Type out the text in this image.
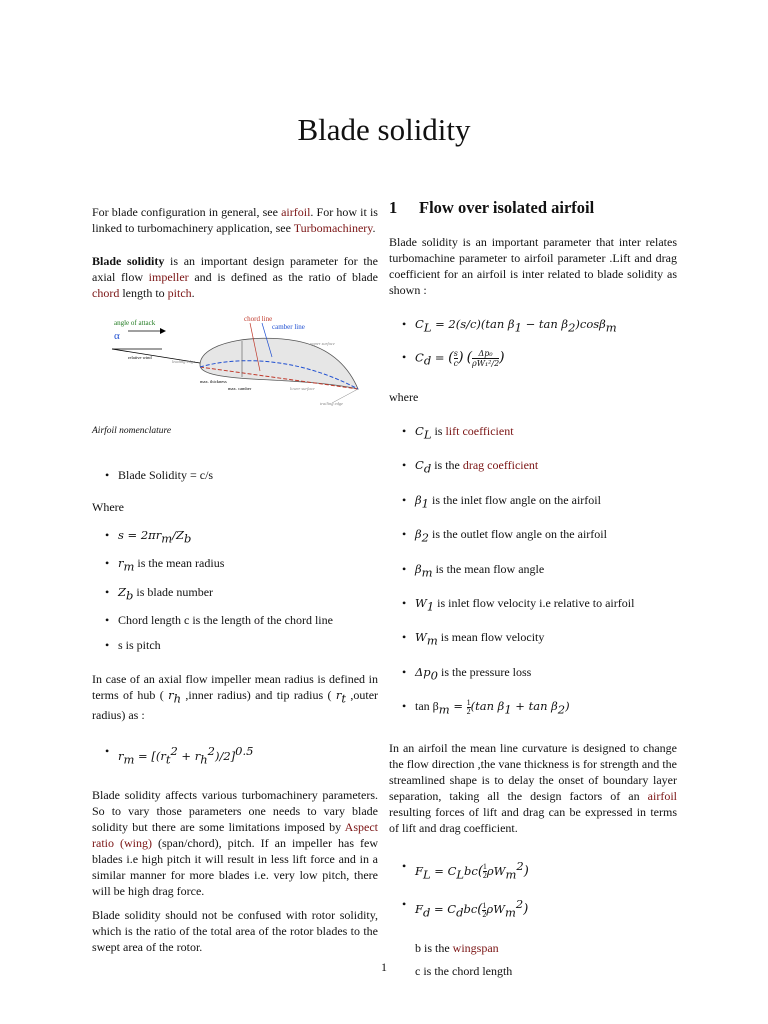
Blade solidity

For blade configuration in general, see airfoil. For how it is linked to turbomachinery application, see Turbomachinery.

Blade solidity is an important design parameter for the axial flow impeller and is defined as the ratio of blade chord length to pitch.

angle of attack
α
relative wind
leading edge
chord line
camber line
upper surface
max. thickness
max. camber	lower surface
trailing edge

Airfoil nomenclature

• Blade Solidity = c/s

Where

• $s = 2\pi r_m/Z_b$
• $r_m$ is the mean radius
• $Z_b$ is blade number
• Chord length c is the length of the chord line
• s is pitch

In case of an axial flow impeller mean radius is defined in terms of hub ( $r_h$ ,inner radius) and tip radius ( $r_t$ ,outer radius) as :

• $r_m = [(r_t^2 + r_h^2)/2]^{0.5}$

Blade solidity affects various turbomachinery parameters. So to vary those parameters one needs to vary blade solidity but there are some limitations imposed by Aspect ratio (wing) (span/chord), pitch. If an impeller has few blades i.e high pitch it will result in less lift force and in a similar manner for more blades i.e. very low pitch, there will be high drag force.

Blade solidity should not be confused with rotor solidity, which is the ratio of the total area of the rotor blades to the swept area of the rotor.

1 Flow over isolated airfoil

Blade solidity is an important parameter that inter relates turbomachine parameter to airfoil parameter .Lift and drag coefficient for an airfoil is inter related to blade solidity as shown :

• $C_L = 2(s/c)(\tan$ $\beta_1 - \tan \beta_2)\cos\beta_m$
• $C_d$ = ( $\frac{s}{c}$ ) ( $\frac{\text{Δp₀}}{\text{ρW₁²/2}}$ )

where

• $C_L$ is lift coefficient
• $C_d$ is the drag coefficient
• $\beta_1$ is the inlet flow angle on the airfoil
• $\beta_2$ is the outlet flow angle on the airfoil
• $\beta_m$ is the mean flow angle
• $W_1$ is inlet flow velocity i.e relative to airfoil
• $W_m$ is mean flow velocity
• $\Delta p_0$ is the pressure loss
• $\tan \beta_m = \frac{1}{2} (\tan$ $\beta_1 + \tan \beta_2$)

In an airfoil the mean line curvature is designed to change the flow direction ,the vane thickness is for strength and the streamlined shape is to delay the onset of boundary layer separation, taking all the design factors of an airfoil resulting forces of lift and drag can be expressed in terms of lift and drag coefficient.

• $F_L = C_Lbc( \frac{1}{2} \rho W_m^2)$
• $F_d = C_dbc( \frac{1}{2} \rho W_m^2)$

b is the wingspan

c is the chord length

1
